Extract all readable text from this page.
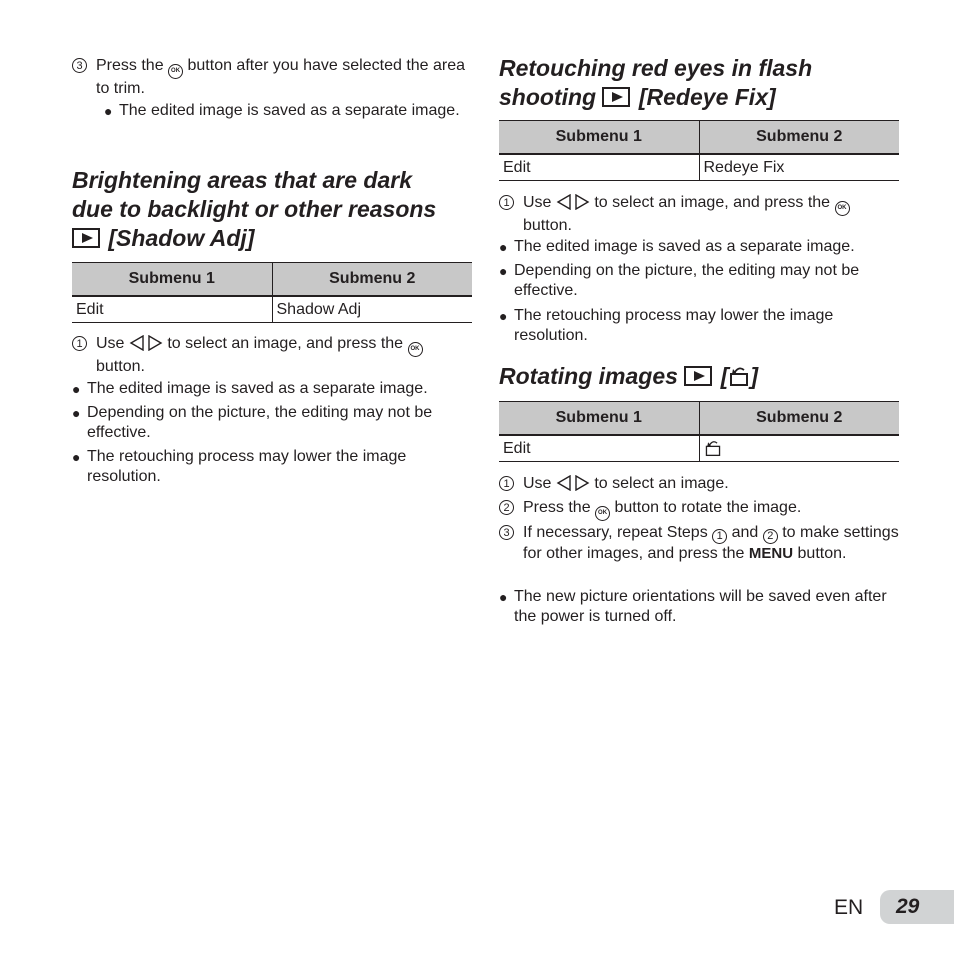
3 Press the OK button after you have selected the area to trim.
● The edited image is saved as a separate image.
Brightening areas that are dark
due to backlight or other reasons
[Shadow Adj]
Submenu 1	Submenu 2
Edit	Shadow Adj
1 Use	to select an image, and press the OK button.
● The edited image is saved as a separate image.
● Depending on the picture, the editing may not be effective.
● The retouching process may lower the image resolution.
Retouching red eyes in flash
shooting [Redeye Fix]
Submenu 1	Submenu 2
Edit	Redeye Fix
1 Use	to select an image, and press the OK button.
● The edited image is saved as a separate image.
● Depending on the picture, the editing may not be effective.
● The retouching process may lower the image resolution.
Rotating images  [ ]
Submenu 1	Submenu 2
Edit	
1 Use	to select an image.
2 Press the OK button to rotate the image.
3 If necessary, repeat Steps 1 and 2 to make settings for other images, and press the MENU button.
● The new picture orientations will be saved even after the power is turned off.
EN	29
